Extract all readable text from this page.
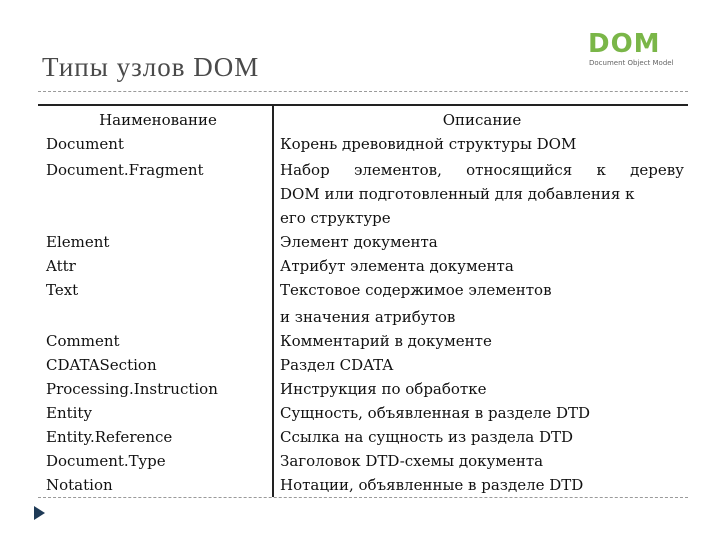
Типы узлов DOM
DOM
Document Object Model
Наименование	Описание
Document	Корень древовидной структуры DOM
Document.Fragment	Набор элементов, относящийся к дереву
DOM или подготовленный для добавления к
его структуре
Element	Элемент документа
Attr	Атрибут элемента документа
Text	Текстовое содержимое элементов
и значения атрибутов
Comment	Комментарий в документе
CDATASection	Раздел CDATA
Processing.Instruction	Инструкция по обработке
Entity	Сущность, объявленная в разделе DTD
Entity.Reference	Ссылка на сущность из раздела DTD
Document.Type	Заголовок DTD-схемы документа
Notation	Нотации, объявленные в разделе DTD
